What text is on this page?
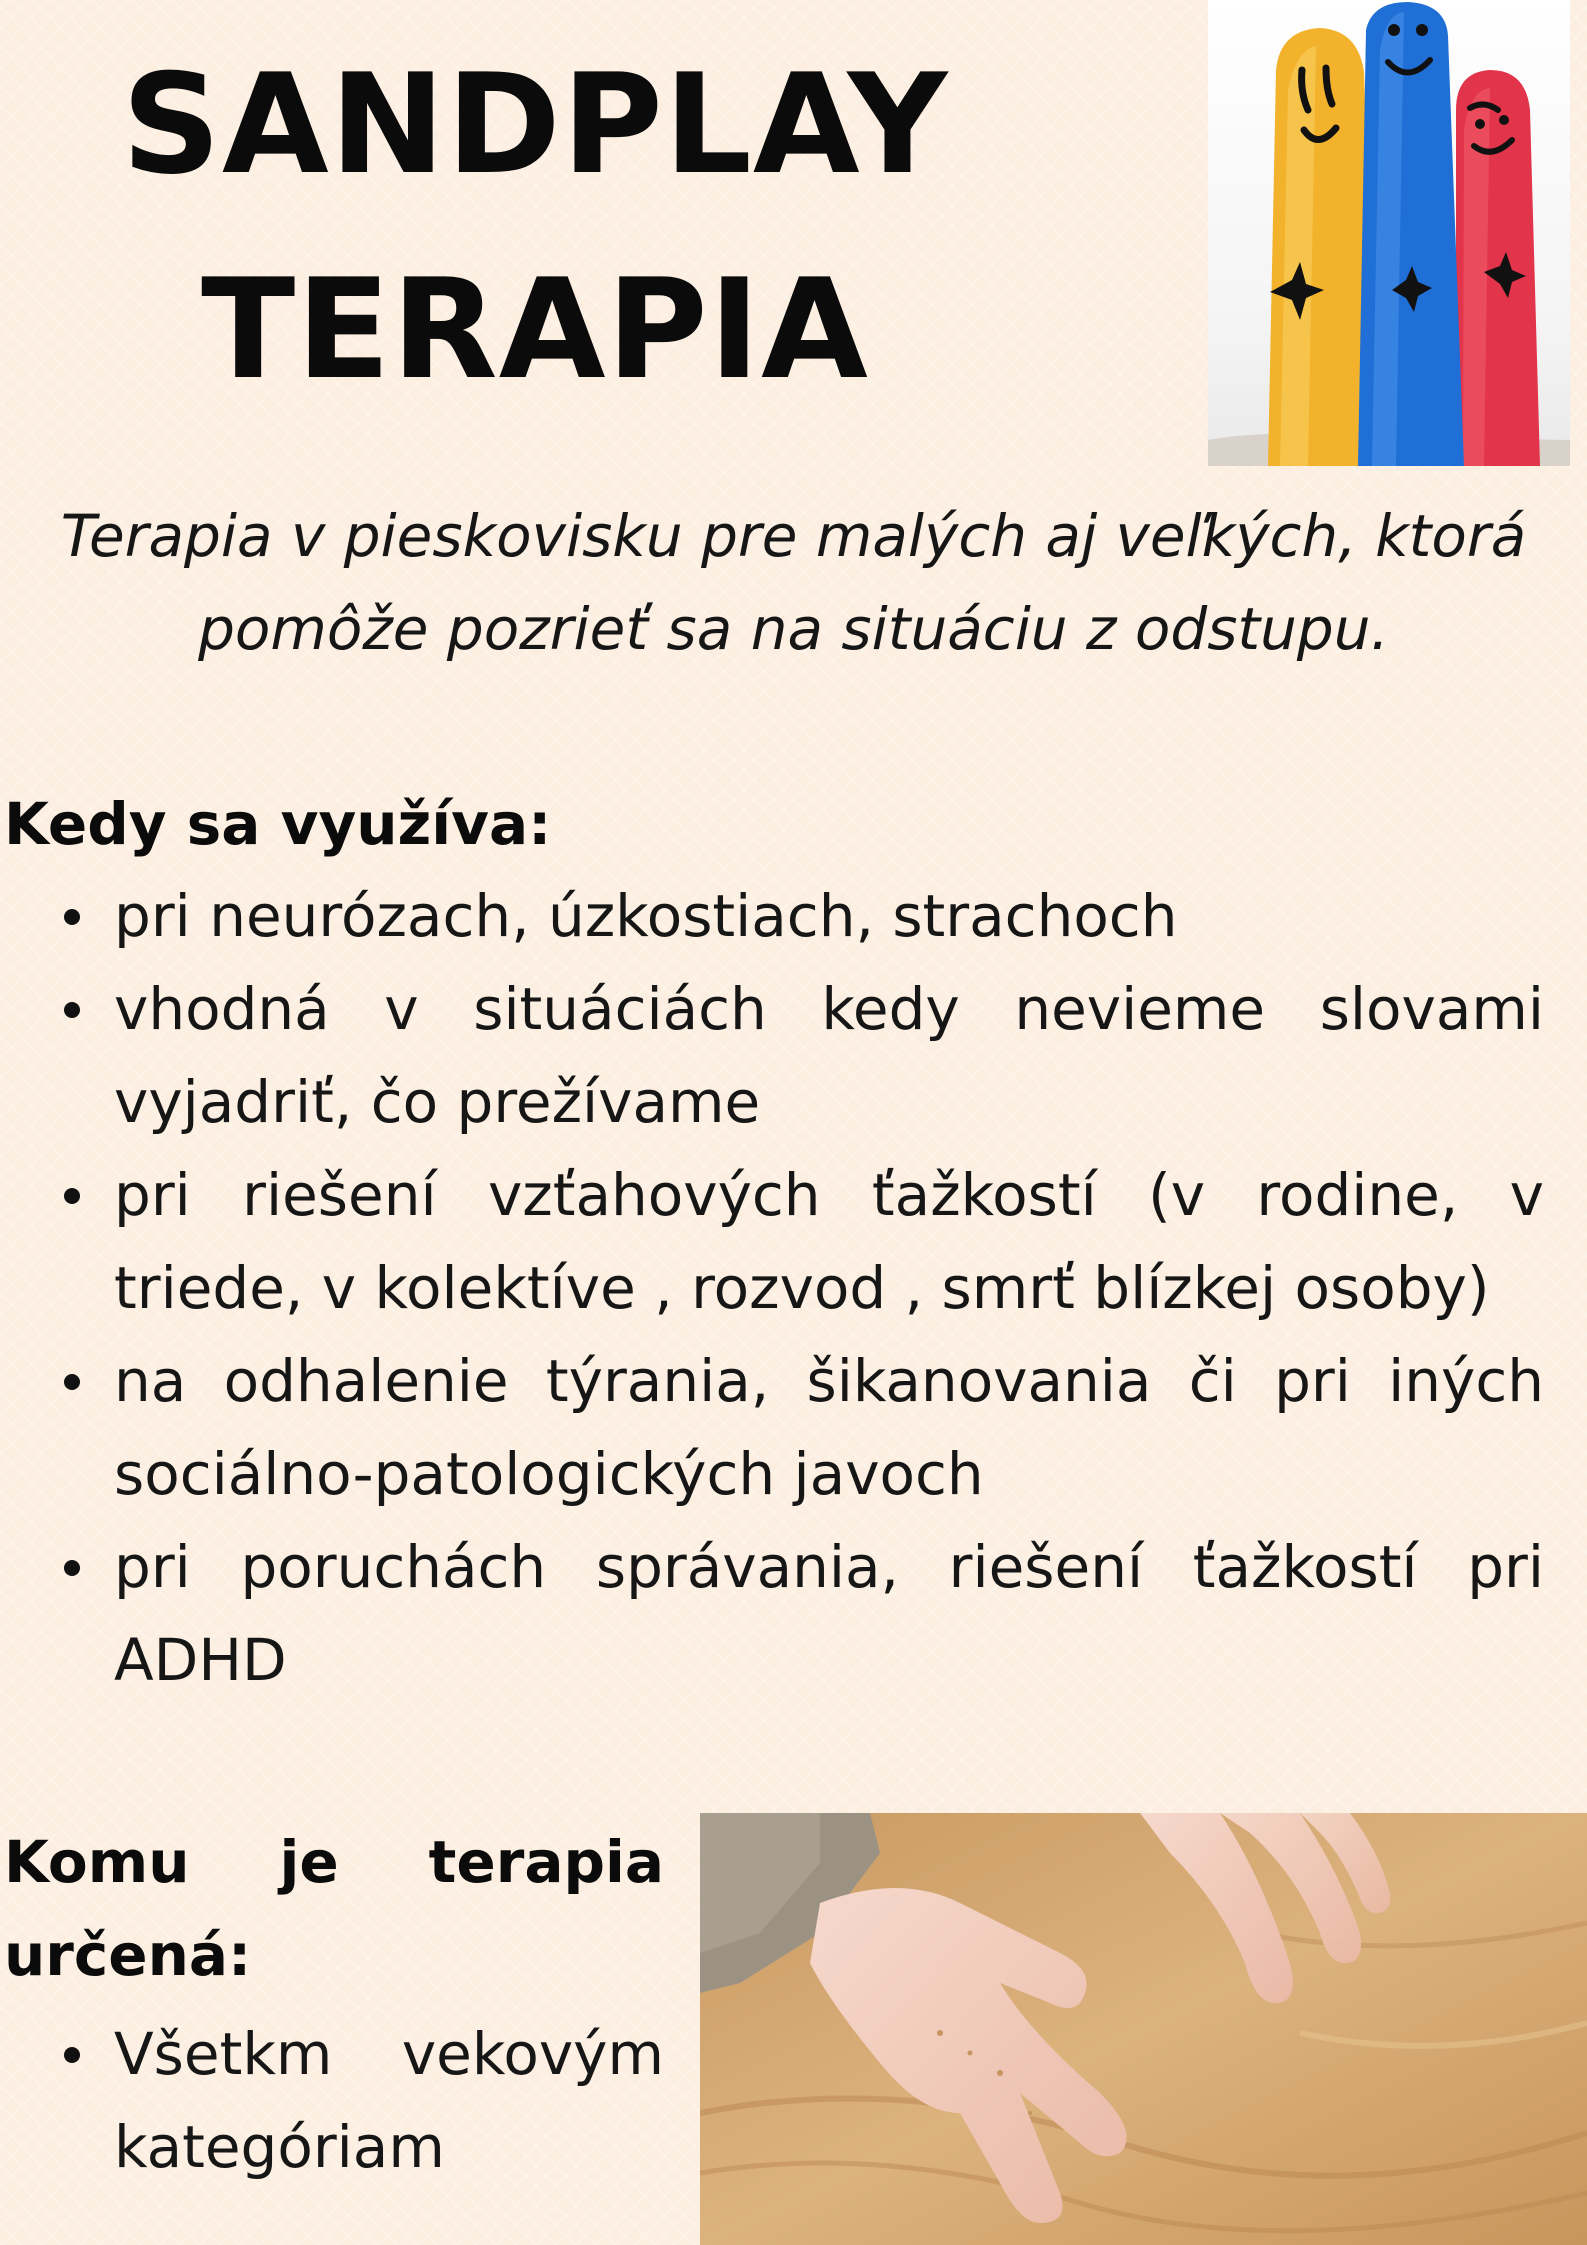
SANDPLAY
TERAPIA

Terapia v pieskovisku pre malých aj veľkých, ktorá
pomôže pozrieť sa na situáciu z odstupu.

Kedy sa využíva:
pri neurózach, úzkostiach, strachoch
vhodná v situáciách kedy nevieme slovami vyjadriť, čo prežívame
pri riešení vzťahových ťažkostí (v rodine, v triede, v kolektíve , rozvod , smrť blízkej osoby)
na odhalenie týrania, šikanovania či pri iných sociálno-patologických javoch
pri poruchách správania, riešení ťažkostí pri ADHD
Komu je terapia
určená:
Všetkm vekovým kategóriam
